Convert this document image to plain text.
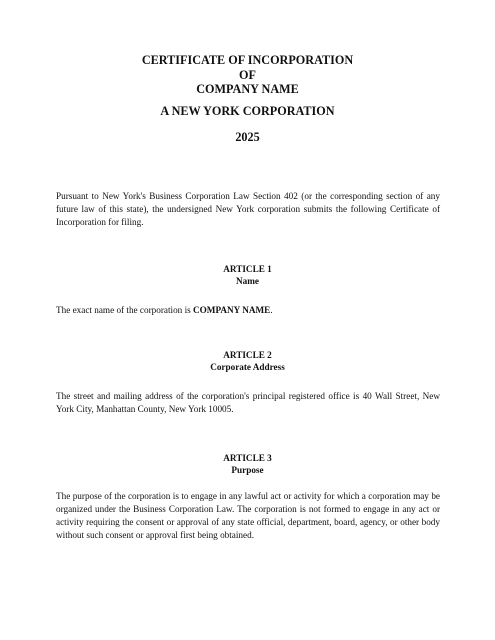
CERTIFICATE OF INCORPORATION
OF
COMPANY NAME
A NEW YORK CORPORATION
2025

Pursuant to New York's Business Corporation Law Section 402 (or the corresponding section of any future law of this state), the undersigned New York corporation submits the following Certificate of Incorporation for filing.

ARTICLE 1
Name

The exact name of the corporation is COMPANY NAME.

ARTICLE 2
Corporate Address

The street and mailing address of the corporation's principal registered office is 40 Wall Street, New York City, Manhattan County, New York 10005.

ARTICLE 3
Purpose

The purpose of the corporation is to engage in any lawful act or activity for which a corporation may be organized under the Business Corporation Law. The corporation is not formed to engage in any act or activity requiring the consent or approval of any state official, department, board, agency, or other body without such consent or approval first being obtained.
